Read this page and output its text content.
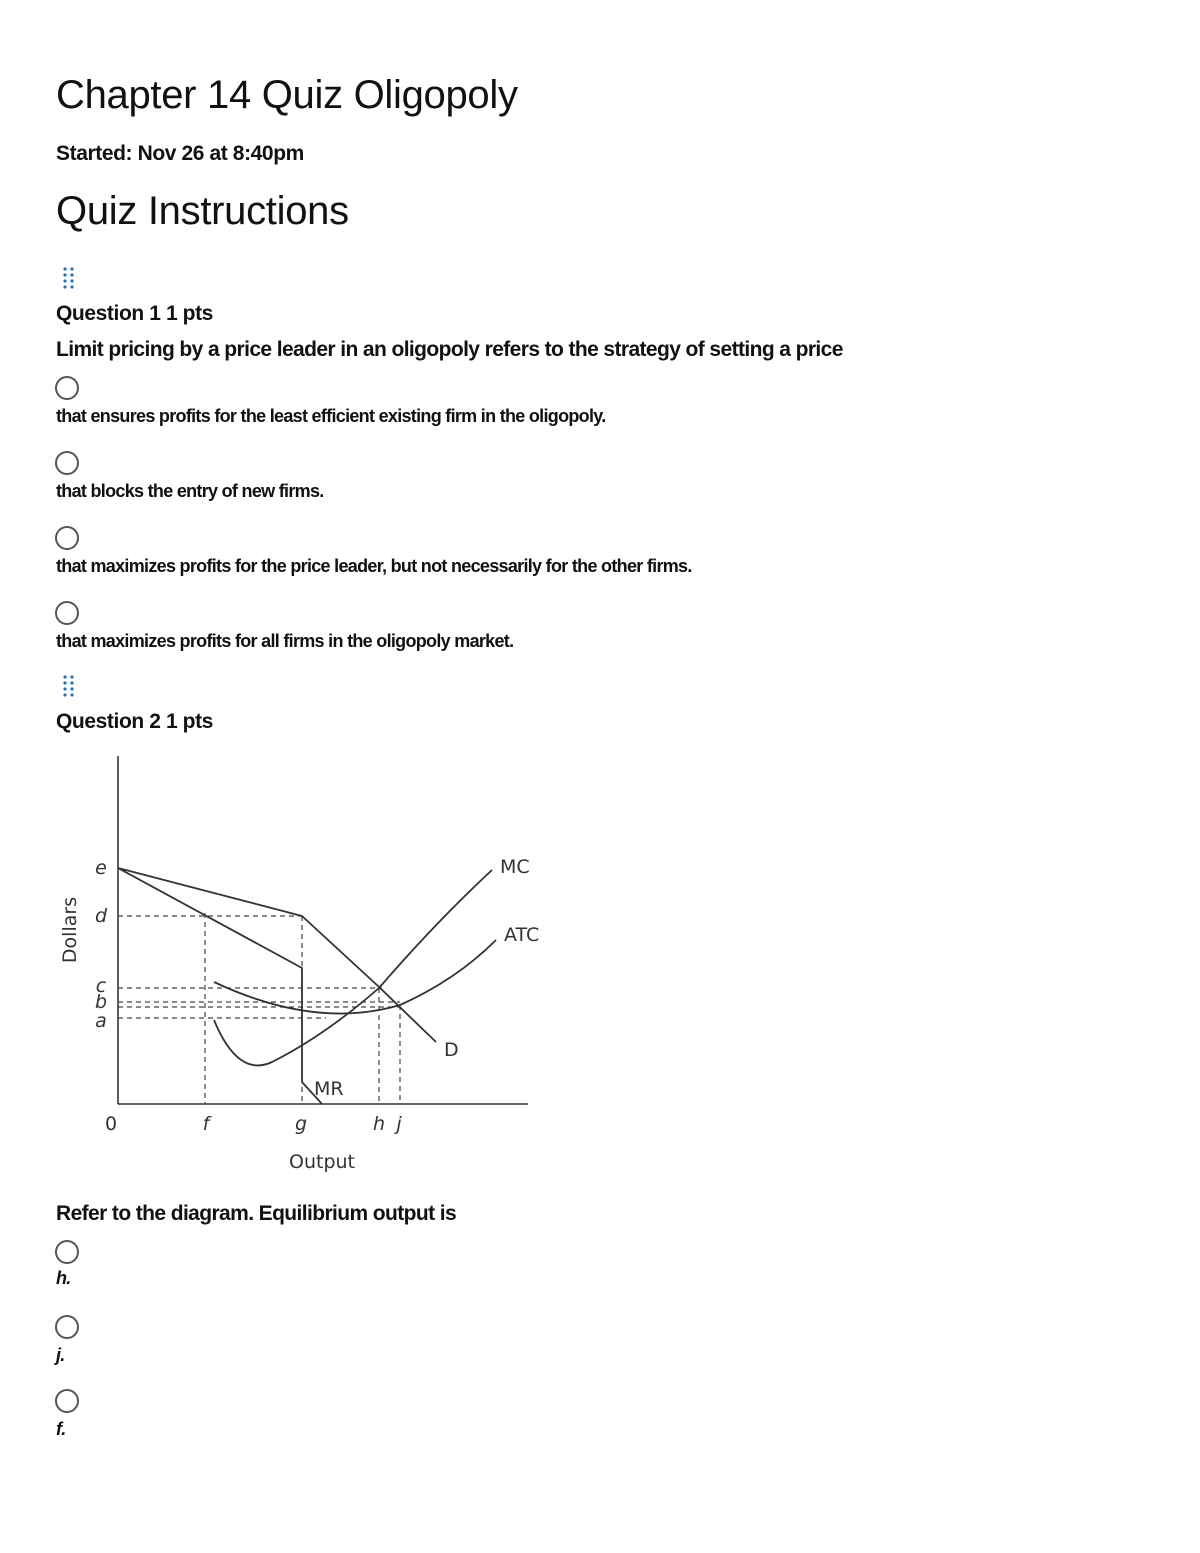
Chapter 14 Quiz Oligopoly
Started: Nov 26 at 8:40pm
Quiz Instructions
Question 1 1 pts
Limit pricing by a price leader in an oligopoly refers to the strategy of setting a price
that ensures profits for the least efficient existing firm in the oligopoly.
that blocks the entry of new firms.
that maximizes profits for the price leader, but not necessarily for the other firms.
that maximizes profits for all firms in the oligopoly market.
Question 2 1 pts
e
d
c
b
a
0	f	g	h j
Dollars
Output
MC
ATC
D
MR
Refer to the diagram. Equilibrium output is
h.
j.
f.
